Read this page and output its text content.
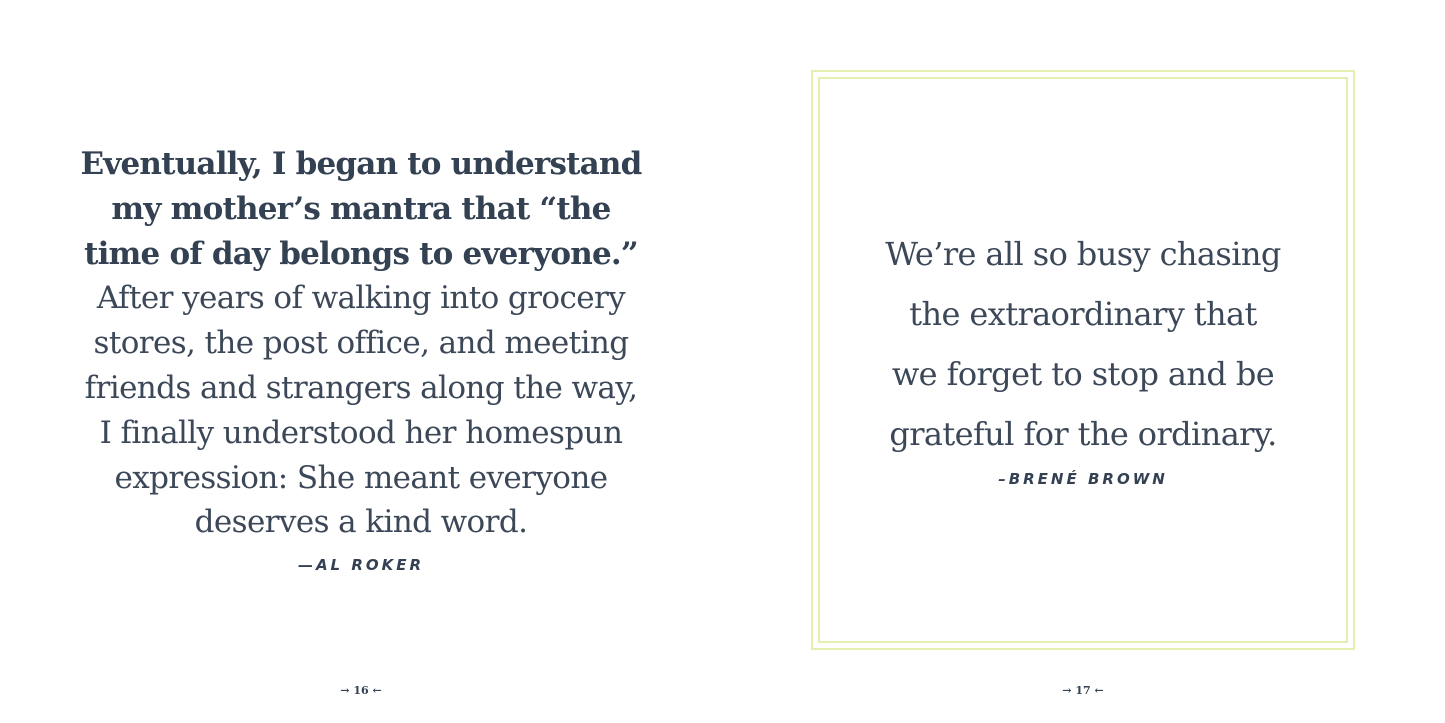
Eventually, I began to understand
my mother’s mantra that “the
time of day belongs to everyone.”
After years of walking into grocery
stores, the post office, and meeting
friends and strangers along the way,
I finally understood her homespun
expression: She meant everyone
deserves a kind word.
—AL ROKER
→ 16 ←
We’re all so busy chasing
the extraordinary that
we forget to stop and be
grateful for the ordinary.
–BRENÉ BROWN
→ 17 ←
